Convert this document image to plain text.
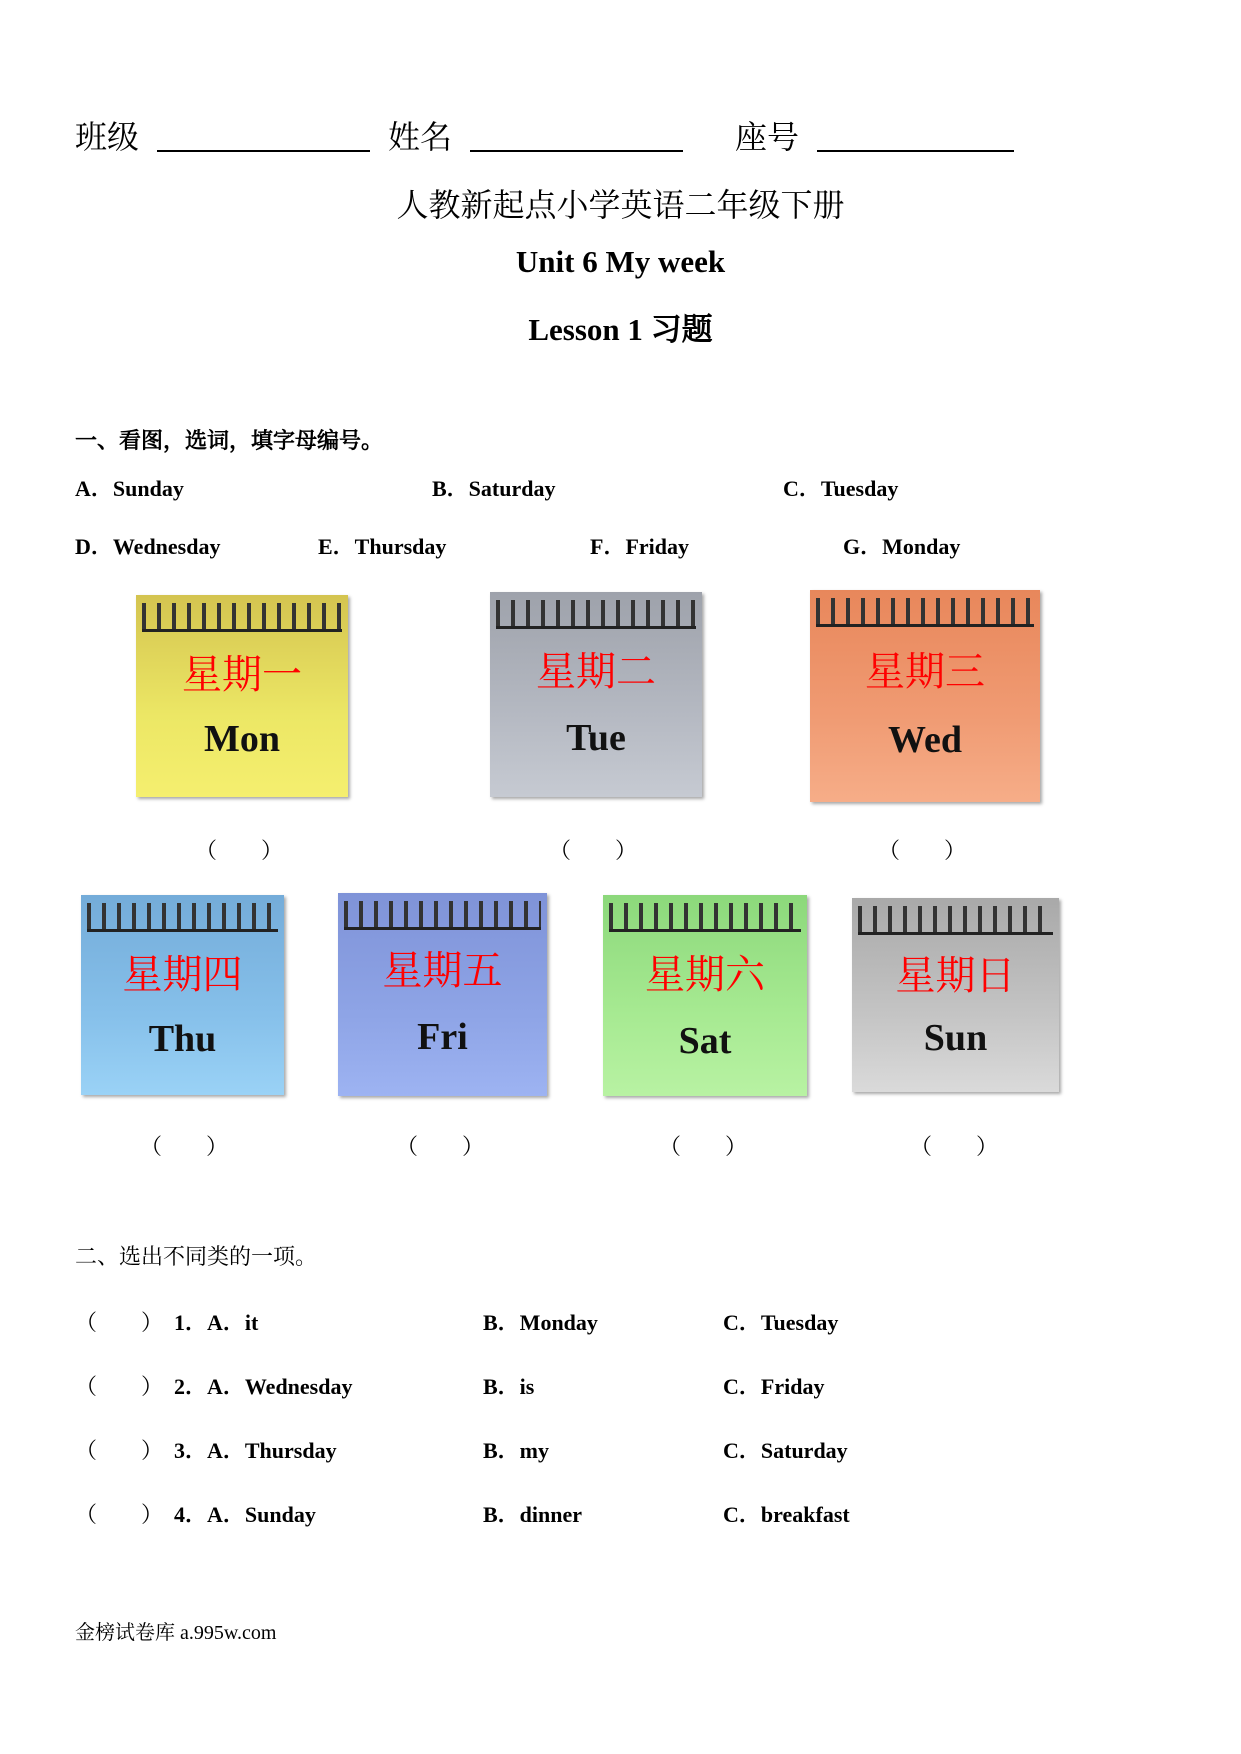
班级	姓名	座号
人教新起点小学英语二年级下册
Unit 6 My week
Lesson 1 习题
一、看图，选词，填字母编号。
A．Sunday	B．Saturday	C．Tuesday
D．Wednesday	E．Thursday	F．Friday	G．Monday
星期一
Mon
星期二
Tue
星期三
Wed
（　　）	（　　）	（　　）
星期四
Thu
星期五
Fri
星期六
Sat
星期日
Sun
（　　）	（　　）	（　　）	（　　）
二、选出不同类的一项。
（　　） 1．A．it	B．Monday	C．Tuesday
（　　） 2．A．Wednesday	B．is	C．Friday
（　　） 3．A．Thursday	B．my	C．Saturday
（　　） 4．A．Sunday	B．dinner	C．breakfast
金榜试卷库 a.995w.com
